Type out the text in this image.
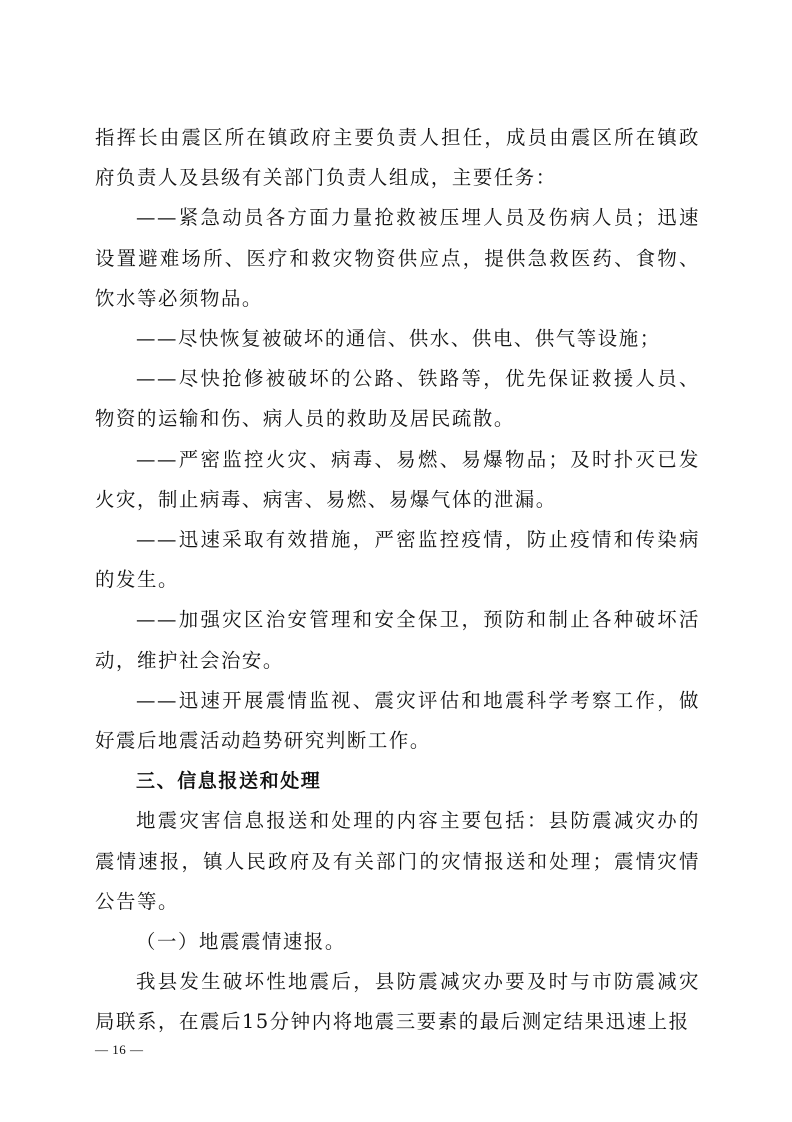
指挥长由震区所在镇政府主要负责人担任，成员由震区所在镇政府负责人及县级有关部门负责人组成，主要任务：

——紧急动员各方面力量抢救被压埋人员及伤病人员；迅速设置避难场所、医疗和救灾物资供应点，提供急救医药、食物、饮水等必须物品。

——尽快恢复被破坏的通信、供水、供电、供气等设施；

——尽快抢修被破坏的公路、铁路等，优先保证救援人员、物资的运输和伤、病人员的救助及居民疏散。

——严密监控火灾、病毒、易燃、易爆物品；及时扑灭已发火灾，制止病毒、病害、易燃、易爆气体的泄漏。

——迅速采取有效措施，严密监控疫情，防止疫情和传染病的发生。

——加强灾区治安管理和安全保卫，预防和制止各种破坏活动，维护社会治安。

——迅速开展震情监视、震灾评估和地震科学考察工作，做好震后地震活动趋势研究判断工作。

三、信息报送和处理

地震灾害信息报送和处理的内容主要包括：县防震减灾办的震情速报，镇人民政府及有关部门的灾情报送和处理；震情灾情公告等。

（一）地震震情速报。

我县发生破坏性地震后，县防震减灾办要及时与市防震减灾局联系，在震后15分钟内将地震三要素的最后测定结果迅速上报

— 16 —
